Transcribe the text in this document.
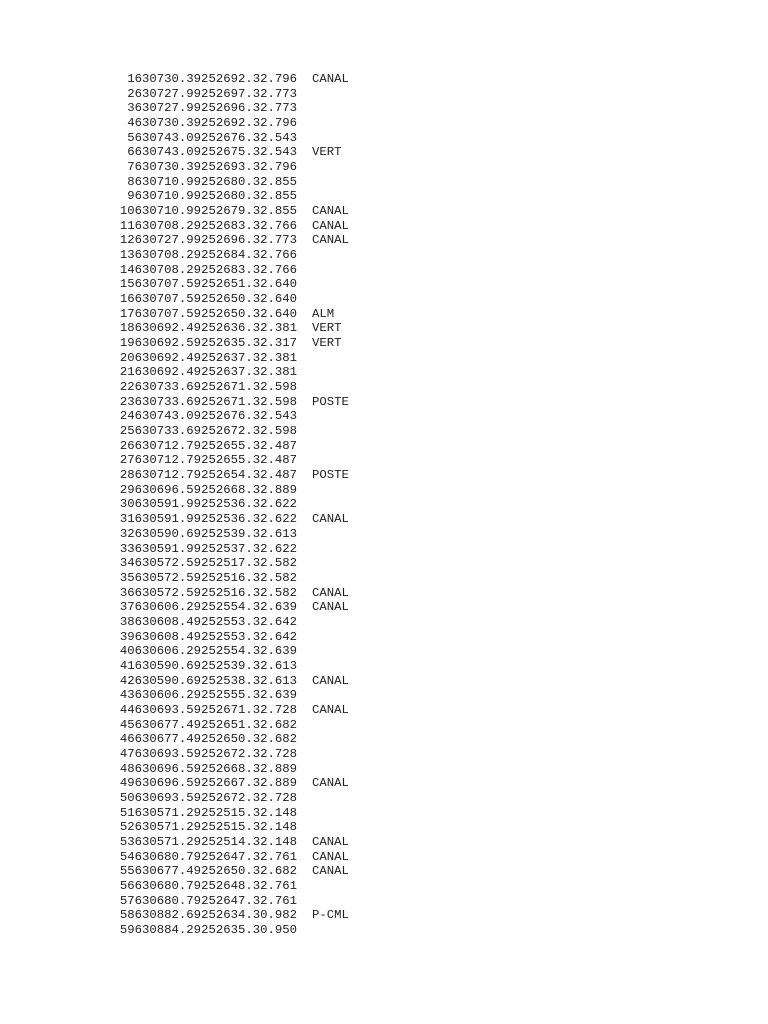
1630730.39252692.32.796	CANAL
2630727.99252697.32.773
3630727.99252696.32.773
4630730.39252692.32.796
5630743.09252676.32.543
6630743.09252675.32.543	VERT
7630730.39252693.32.796
8630710.99252680.32.855
9630710.99252680.32.855
10630710.99252679.32.855	CANAL
11630708.29252683.32.766	CANAL
12630727.99252696.32.773	CANAL
13630708.29252684.32.766
14630708.29252683.32.766
15630707.59252651.32.640
16630707.59252650.32.640
17630707.59252650.32.640	ALM
18630692.49252636.32.381	VERT
19630692.59252635.32.317	VERT
20630692.49252637.32.381
21630692.49252637.32.381
22630733.69252671.32.598
23630733.69252671.32.598	POSTE
24630743.09252676.32.543
25630733.69252672.32.598
26630712.79252655.32.487
27630712.79252655.32.487
28630712.79252654.32.487	POSTE
29630696.59252668.32.889
30630591.99252536.32.622
31630591.99252536.32.622	CANAL
32630590.69252539.32.613
33630591.99252537.32.622
34630572.59252517.32.582
35630572.59252516.32.582
36630572.59252516.32.582	CANAL
37630606.29252554.32.639	CANAL
38630608.49252553.32.642
39630608.49252553.32.642
40630606.29252554.32.639
41630590.69252539.32.613
42630590.69252538.32.613	CANAL
43630606.29252555.32.639
44630693.59252671.32.728	CANAL
45630677.49252651.32.682
46630677.49252650.32.682
47630693.59252672.32.728
48630696.59252668.32.889
49630696.59252667.32.889	CANAL
50630693.59252672.32.728
51630571.29252515.32.148
52630571.29252515.32.148
53630571.29252514.32.148	CANAL
54630680.79252647.32.761	CANAL
55630677.49252650.32.682	CANAL
56630680.79252648.32.761
57630680.79252647.32.761
58630882.69252634.30.982	P-CML
59630884.29252635.30.950
